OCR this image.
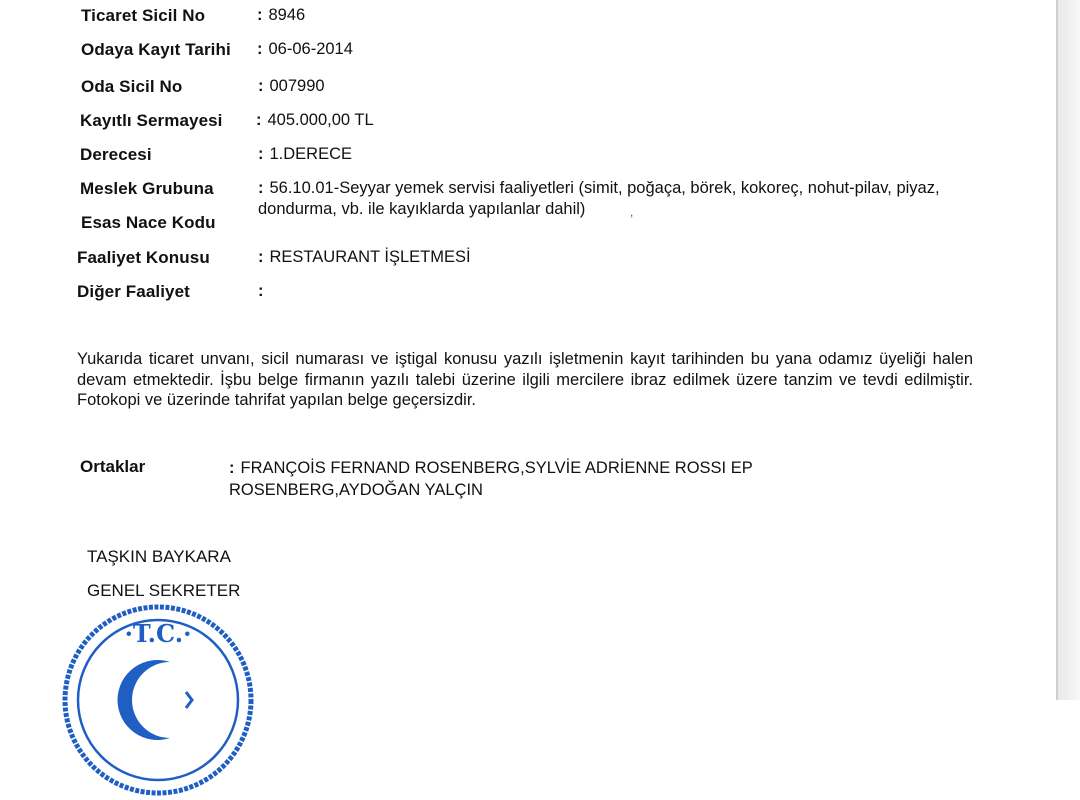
Ticaret Sicil No	: 8946
Odaya Kayıt Tarihi : 06-06-2014
Oda Sicil No	: 007990
Kayıtlı Sermayesi : 405.000,00 TL
Derecesi	: 1.DERECE
Meslek Grubuna	: 56.10.01-Seyyar yemek servisi faaliyetleri (simit, poğaça, börek, kokoreç, nohut-pilav, piyaz, dondurma, vb. ile kayıklarda yapılanlar dahil)	,
Esas Nace Kodu
Faaliyet Konusu	: RESTAURANT İŞLETMESİ
Diğer Faaliyet	:
Yukarıda ticaret unvanı, sicil numarası ve iştigal konusu yazılı işletmenin kayıt tarihinden bu yana odamız üyeliği halen devam etmektedir. İşbu belge firmanın yazılı talebi üzerine ilgili mercilere ibraz edilmek üzere tanzim ve tevdi edilmiştir. Fotokopi ve üzerinde tahrifat yapılan belge geçersizdir.
Ortaklar	: FRANÇOİS FERNAND ROSENBERG,SYLVİE ADRİENNE ROSSI EP ROSENBERG,AYDOĞAN YALÇIN
TAŞKIN BAYKARA
GENEL SEKRETER
·T.C.·
